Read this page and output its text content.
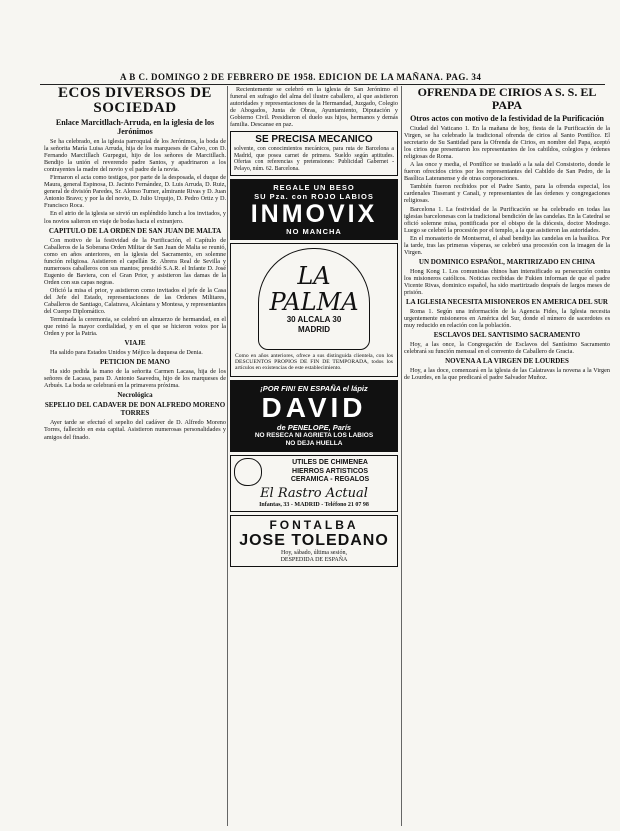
A B C. DOMINGO 2 DE FEBRERO DE 1958. EDICION DE LA MAÑANA. PAG. 34
ECOS DIVERSOS DE SOCIEDAD
Enlace Marcitllach-Arruda, en la iglesia de los Jerónimos

Se ha celebrado, en la iglesia parroquial de los Jerónimos, la boda de la señorita María Luisa Arruda, hija de los marqueses de Calvo, con D. Fernando Marcitllach Gurpegui, hijo de los señores de Marcitllach. Bendijo la unión el reverendo padre Santos, y apadrinaron a los contrayentes la madre del novio y el padre de la novia.

Firmaron el acta como testigos, por parte de la desposada, el duque de Maura, general Espinosa, D. Jacinto Fernández, D. Luis Arruda, D. Ruiz, general de división Paredes, Sr. Alonso Turner, almirante Rivas y D. Juan Antonio Bravo; y por la del novio, D. Julio Urquijo, D. Pedro Ortiz y D. Francisco Roca.

En el atrio de la iglesia se sirvió un espléndido lunch a los invitados, y los novios salieron en viaje de bodas hacia el extranjero.

CAPITULO DE LA ORDEN DE SAN JUAN DE MALTA

Con motivo de la festividad de la Purificación, el Capítulo de Caballeros de la Soberana Orden Militar de San Juan de Malta se reunió, como en años anteriores, en la iglesia del Sacramento, en solemne función religiosa. Asistieron el capellán Sr. Abrera Real de Sevilla y numerosos caballeros con sus mantos; presidió S.A.R. el Infante D. José Eugenio de Baviera, con el Gran Prior, y asistieron las damas de la Orden con sus capas negras.

Ofició la misa el prior, y asistieron como invitados el jefe de la Casa del Jefe del Estado, representaciones de las Ordenes Militares, Caballeros de Santiago, Calatrava, Alcántara y Montesa, y representantes del Cuerpo Diplomático.

Terminada la ceremonia, se celebró un almuerzo de hermandad, en el que reinó la mayor cordialidad, y en el que se hicieron votos por la Orden y por la Patria.

VIAJE

Ha salido para Estados Unidos y Méjico la duquesa de Denia.

PETICION DE MANO

Ha sido pedida la mano de la señorita Carmen Lacasa, hija de los señores de Lacasa, para D. Antonio Saavedra, hijo de los marqueses de Arbués. La boda se celebrará en la primavera próxima.

Necrológica
SEPELIO DEL CADAVER DE DON ALFREDO MORENO TORRES

Ayer tarde se efectuó el sepelio del cadáver de D. Alfredo Moreno Torres, fallecido en esta capital. Asistieron numerosas personalidades y amigos del finado.

Recientemente se celebró en la iglesia de San Jerónimo el funeral en sufragio del alma del ilustre caballero, al que asistieron autoridades y representaciones de la Hermandad, Juzgado, Colegio de Abogados, Junta de Obras, Ayuntamiento, Diputación y Gobierno Civil. Presidieron el duelo sus hijos, hermanos y demás familia. Descanse en paz.

SE PRECISA MECANICO
solvente, con conocimientos mecánicos, para ruta de Barcelona a Madrid, que posea carnet de primera. Sueldo según aptitudes. Ofertas con referencias y pretensiones: Publicidad Gabernet - Pelayo, núm. 62. Barcelona.
REGALE UN BESO
SU Pza. con ROJO LABIOS
INMOVIX
NO MANCHA
LA PALMA
30 ALCALA 30
MADRID
Como en años anteriores, ofrece a sus distinguida clientela, con los DESCUENTOS PROPIOS DE FIN DE TEMPORADA, todos los artículos en existencias de este establecimiento.
¡POR FIN! EN ESPAÑA el lápiz
DAVID
de PENELOPE, París
NO RESECA NI AGRIETA LOS LABIOS
NO DEJA HUELLA
UTILES DE CHIMENEA
HIERROS ARTISTICOS
CERAMICA - REGALOS
El Rastro Actual
Infantas, 33 - MADRID - Teléfono 21 07 98
FONTALBA
JOSE TOLEDANO
Hoy, sábado, última sesión,
DESPEDIDA DE ESPAÑA
OFRENDA DE CIRIOS A S. S. EL PAPA
Otros actos con motivo de la festividad de la Purificación

Ciudad del Vaticano 1. En la mañana de hoy, fiesta de la Purificación de la Virgen, se ha celebrado la tradicional ofrenda de cirios al Santo Pontífice. El secretario de Su Santidad para la Ofrenda de Cirios, en nombre del Papa, aceptó los cirios que presentaron los representantes de los cabildos, colegios y órdenes religiosas de Roma.

A las once y media, el Pontífice se trasladó a la sala del Consistorio, donde le fueron ofrecidos cirios por los representantes del Cabildo de San Pedro, de la Basílica Lateranense y de otras corporaciones.

También fueron recibidos por el Padre Santo, para la ofrenda especial, los cardenales Tisserant y Canali, y representantes de las órdenes y congregaciones religiosas.

Barcelona 1. La festividad de la Purificación se ha celebrado en todas las iglesias barcelonesas con la tradicional bendición de las candelas. En la Catedral se ofició solemne misa, pontificada por el obispo de la diócesis, doctor Modrego. Luego se celebró la procesión por el templo, a la que asistieron las autoridades.

En el monasterio de Montserrat, el abad bendijo las candelas en la basílica. Por la tarde, tras las primeras vísperas, se celebró una procesión con la imagen de la Virgen.

UN DOMINICO ESPAÑOL, MARTIRIZADO EN CHINA

Hong Kong 1. Los comunistas chinos han intensificado su persecución contra los misioneros católicos. Noticias recibidas de Fukien informan de que el padre Vicente Rivas, dominico español, ha sido martirizado después de largos meses de prisión.

LA IGLESIA NECESITA MISIONEROS EN AMERICA DEL SUR

Roma 1. Según una información de la Agencia Fides, la Iglesia necesita urgentemente misioneros en América del Sur, donde el número de sacerdotes es muy reducido en relación con la población.

ESCLAVOS DEL SANTISIMO SACRAMENTO

Hoy, a las once, la Congregación de Esclavos del Santísimo Sacramento celebrará su función mensual en el convento de Caballero de Gracia.

NOVENA A LA VIRGEN DE LOURDES

Hoy, a las doce, comenzará en la iglesia de las Calatravas la novena a la Virgen de Lourdes, en la que predicará el padre Salvador Muñoz.
